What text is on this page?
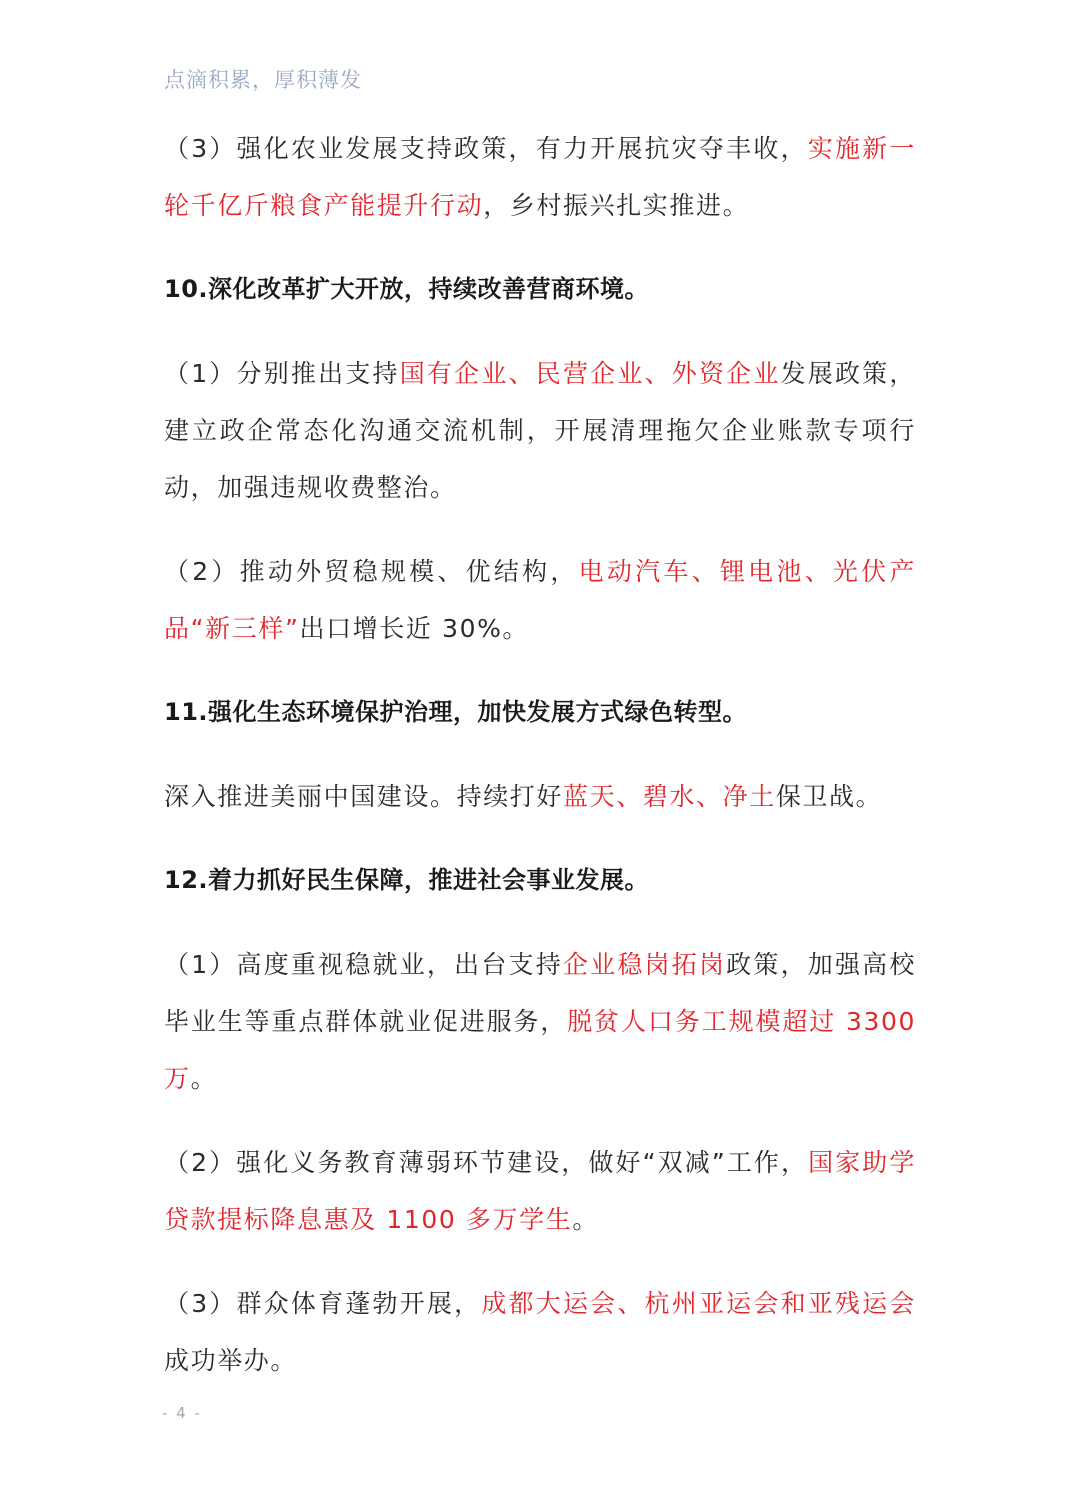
点滴积累，厚积薄发
（3）强化农业发展支持政策，有力开展抗灾夺丰收，实施新一轮千亿斤粮食产能提升行动，乡村振兴扎实推进。
10.深化改革扩大开放，持续改善营商环境。
（1）分别推出支持国有企业、民营企业、外资企业发展政策，建立政企常态化沟通交流机制，开展清理拖欠企业账款专项行动，加强违规收费整治。
（2）推动外贸稳规模、优结构，电动汽车、锂电池、光伏产品“新三样”出口增长近 30%。
11.强化生态环境保护治理，加快发展方式绿色转型。
深入推进美丽中国建设。持续打好蓝天、碧水、净土保卫战。
12.着力抓好民生保障，推进社会事业发展。
（1）高度重视稳就业，出台支持企业稳岗拓岗政策，加强高校毕业生等重点群体就业促进服务，脱贫人口务工规模超过 3300 万。
（2）强化义务教育薄弱环节建设，做好“双减”工作，国家助学贷款提标降息惠及 1100 多万学生。
（3）群众体育蓬勃开展，成都大运会、杭州亚运会和亚残运会成功举办。
- 4 -
